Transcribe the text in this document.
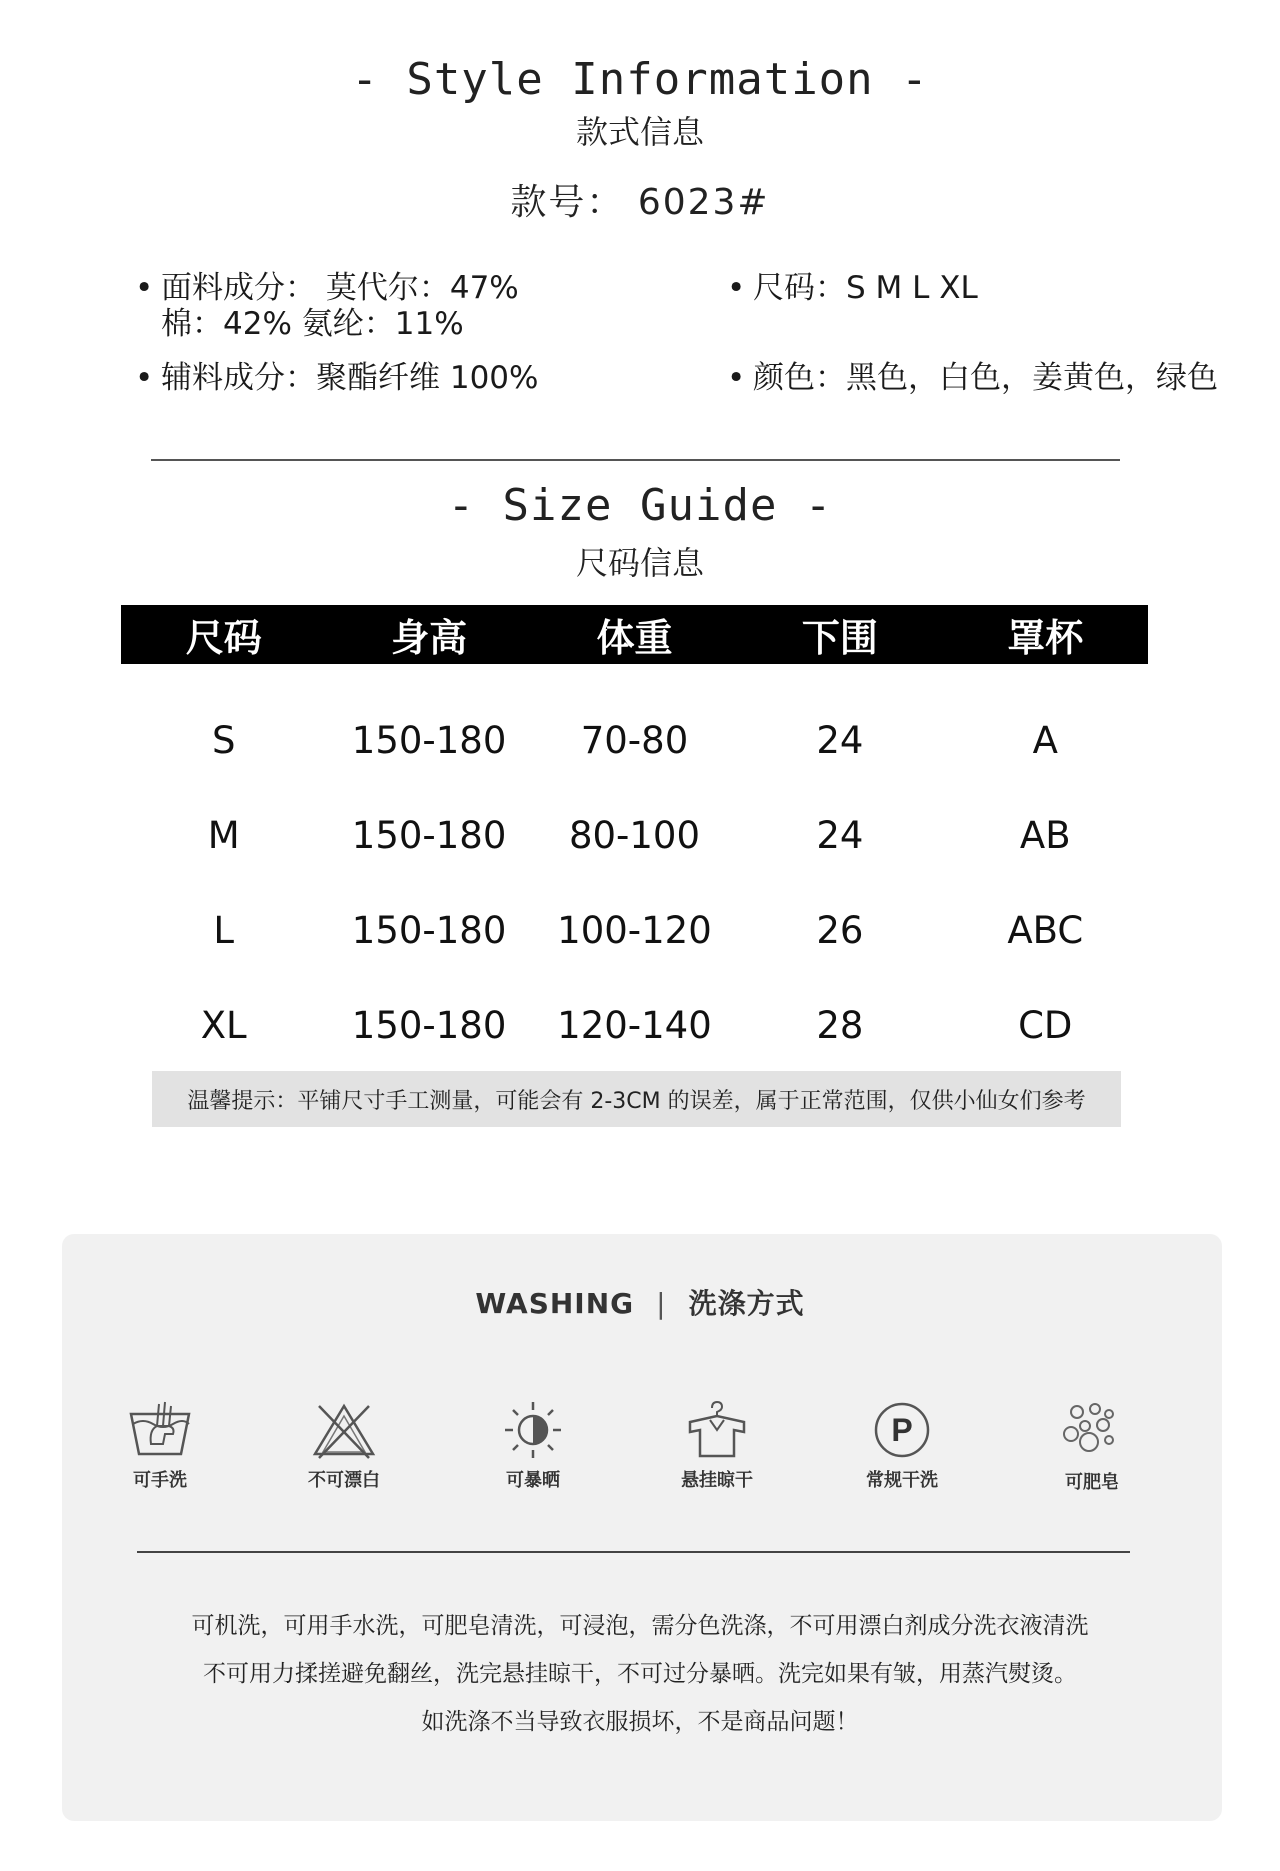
- Style Information -
款式信息
款号： 6023#
• 面料成分： 莫代尔：47%
棉：42% 氨纶：11%
• 尺码：S M L XL
• 辅料成分：聚酯纤维 100%	• 颜色：黑色，白色，姜黄色，绿色
- Size Guide -
尺码信息
尺码	身高	体重	下围	罩杯
S	150-180	70-80	24	A
M	150-180	80-100	24	AB
L	150-180	100-120	26	ABC
XL	150-180	120-140	28	CD
温馨提示：平铺尺寸手工测量，可能会有 2-3CM 的误差，属于正常范围，仅供小仙女们参考
WASHING | 洗涤方式
可手洗	不可漂白	可暴晒	悬挂晾干
P
常规干洗	可肥皂
可机洗，可用手水洗，可肥皂清洗，可浸泡，需分色洗涤，不可用漂白剂成分洗衣液清洗
不可用力揉搓避免翻丝，洗完悬挂晾干，不可过分暴晒。洗完如果有皱，用蒸汽熨烫。
如洗涤不当导致衣服损坏，不是商品问题！
